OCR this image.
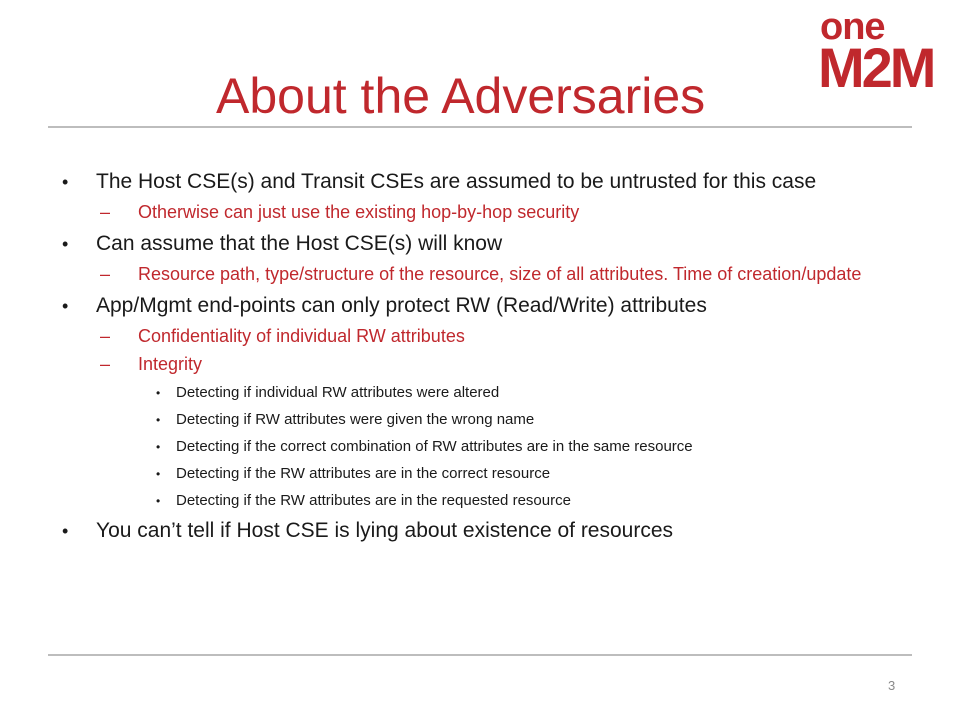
one
M2M
About the Adversaries
• The Host CSE(s) and Transit CSEs are assumed to be untrusted for this case
– Otherwise can just use the existing hop-by-hop security
• Can assume that the Host CSE(s) will know
– Resource path, type/structure of the resource, size of all attributes. Time of creation/update
• App/Mgmt end-points can only protect RW (Read/Write) attributes
– Confidentiality of individual RW attributes
– Integrity
• Detecting if individual RW attributes were altered
• Detecting if RW attributes were given the wrong name
• Detecting if the correct combination of RW attributes are in the same resource
• Detecting if the RW attributes are in the correct resource
• Detecting if the RW attributes are in the requested resource
• You can’t tell if Host CSE is lying about existence of resources
3
